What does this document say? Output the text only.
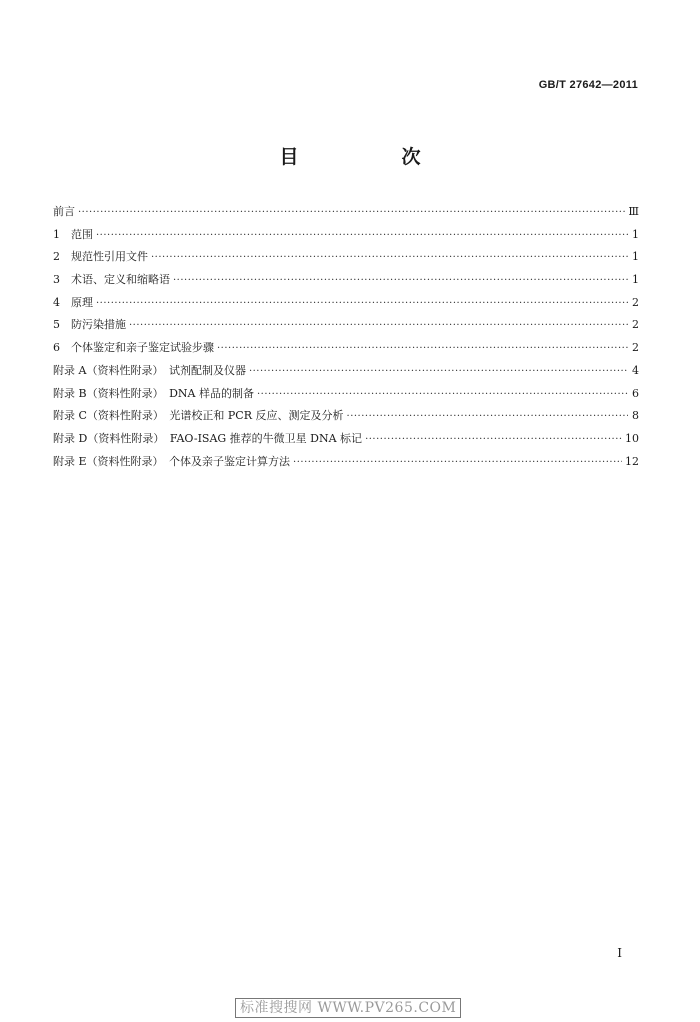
GB/T 27642—2011
目　次
前言 ·····	Ⅲ
1　范围 ·····	1
2　规范性引用文件 ·····	1
3　术语、定义和缩略语 ·····	1
4　原理 ·····	2
5　防污染措施 ·····	2
6　个体鉴定和亲子鉴定试验步骤 ·····	2
附录 A（资料性附录）　试剂配制及仪器 ·····	4
附录 B（资料性附录）　DNA 样品的制备 ·····	6
附录 C（资料性附录）　光谱校正和 PCR 反应、测定及分析 ·····	8
附录 D（资料性附录）　FAO-ISAG 推荐的牛微卫星 DNA 标记 ·····	10
附录 E（资料性附录）　个体及亲子鉴定计算方法 ·····	12
Ⅰ
标准搜搜网 WWW.PV265.COM
